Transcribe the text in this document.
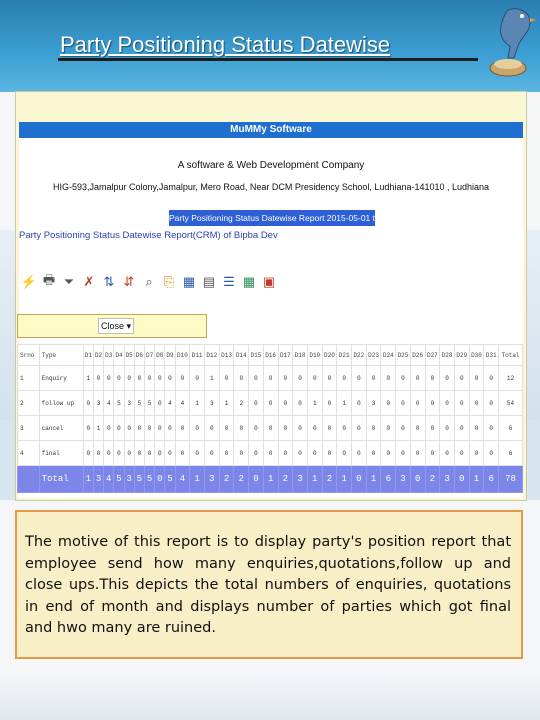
Party Positioning Status Datewise
MuMMy Software
A software & Web Development Company
HIG-593,Jamalpur Colony,Jamalpur, Mero Road, Near DCM Presidency School, Ludhiana-141010 , Ludhiana
Party Positioning Status Datewise Report 2015-05-01 to 2015-05-31
Party Positioning Status Datewise Report(CRM) of Bipba Dev
⚡ 🖶 ⏷ ✗ ⇅ ⇵ ⌕ ⎘ ▦ ▤ ☰ ▦ ▣
Close ▾
Srno	Type	D1	D2	D3	D4	D5	D6	D7	D8	D9	D10	D11	D12	D13	D14	D15	D16	D17	D18	D19	D20	D21	D22	D23	D24	D25	D26	D27	D28	D29	D30	D31	Total
1	Enquiry	1	0	0	0	0	0	0	0	0	0	0	1	0	0	0	0	0	0	0	0	0	0	0	0	0	0	0	0	0	0	0	12
2	follow up	0	3	4	5	3	5	5	0	4	4	1	3	1	2	0	0	0	0	1	0	1	0	3	0	0	0	0	0	0	0	0	54
3	cancel	0	1	0	0	0	0	0	0	0	0	0	0	0	0	0	0	0	0	0	0	0	0	0	0	0	0	0	0	0	0	0	6
4	final	0	0	0	0	0	0	0	0	0	0	0	0	0	0	0	0	0	0	0	0	0	0	0	0	0	0	0	0	0	0	0	6
	Total	1	3	4	5	3	5	5	0	5	4	1	3	2	2	0	1	2	3	1	2	1	0	1	6	3	0	2	3	0	1	6	78
The motive of this report is to display party's position report that employee send how many enquiries,quotations,follow up and close ups.This depicts the total numbers of enquiries, quotations in end of month and displays number of parties which got final and hwo many are ruined.
